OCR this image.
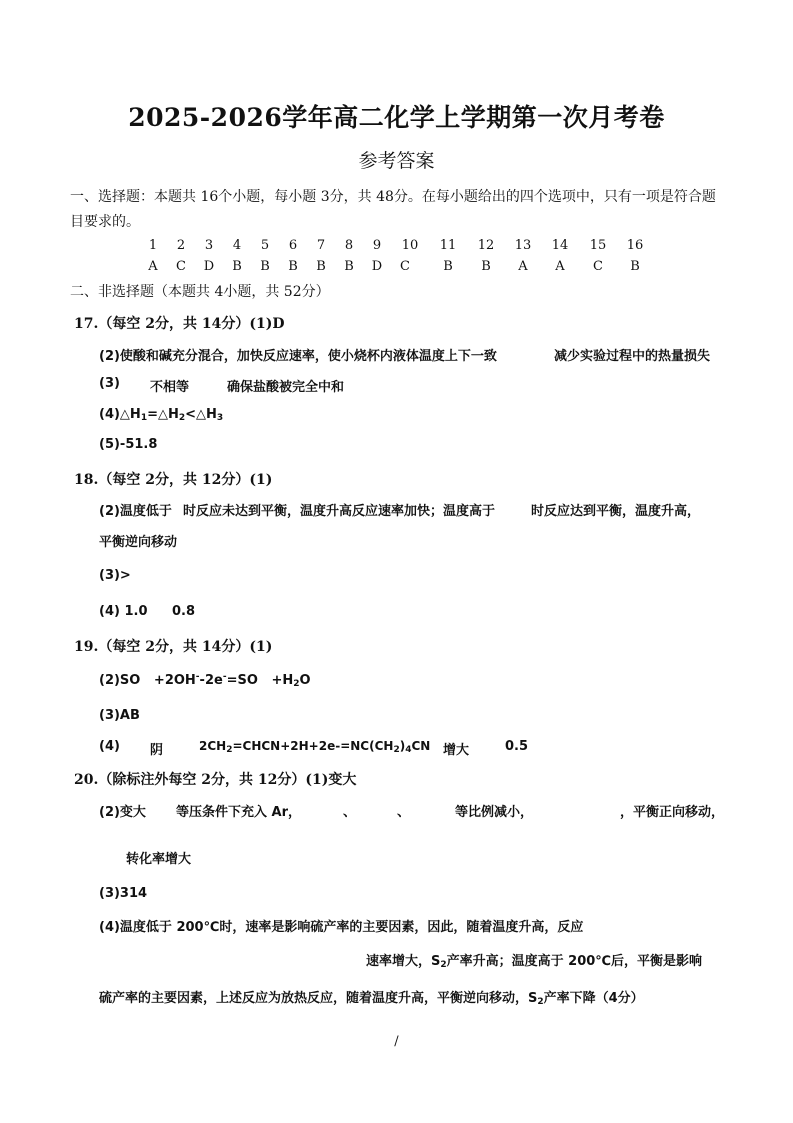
2025-2026学年高二化学上学期第一次月考卷
参考答案
一、选择题：本题共 16个小题，每小题 3分，共 48分。在每小题给出的四个选项中，只有一项是符合题
目要求的。
1	2	3	4	5	6	7	8	9	10	11	12	13	14	15	16
A	C	D	B	B	B	B	B	D	C	B	B	A	A	C	B
二、非选择题（本题共 4小题，共 52分）
17.（每空 2分，共 14分）(1)D
(2)使酸和碱充分混合，加快反应速率，使小烧杯内液体温度上下一致	减少实验过程中的热量损失
(3) 不相等	确保盐酸被完全中和
$(4)\triangle H_1=\triangle H_2<\triangle H_3$
(5)-51.8
18.（每空 2分，共 12分）(1)
(2)温度低于 时反应未达到平衡，温度升高反应速率加快；温度高于	时反应达到平衡，温度升高，
平衡逆向移动
(3)>
(4) 1.0 0.8
19.（每空 2分，共 14分）(1)
$(2)SO +2OH^--2e^-=SO +H_2O$
(3)AB
(4) 阴	$2CH_2=CHCN+2H+2e-=NC(CH_2)_4CN$ 增大	0.5
20.（除标注外每空 2分，共 12分）(1)变大
(2)变大 等压条件下充入 Ar，	、	、	等比例减小，	，平衡正向移动，
转化率增大
(3)314
(4)温度低于 200℃时，速率是影响硫产率的主要因素，因此，随着温度升高，反应
速率增大，$S_2$产率升高；温度高于 200℃后，平衡是影响
硫产率的主要因素，上述反应为放热反应，随着温度升高，平衡逆向移动，$S_2$产率下降（4分）
/
